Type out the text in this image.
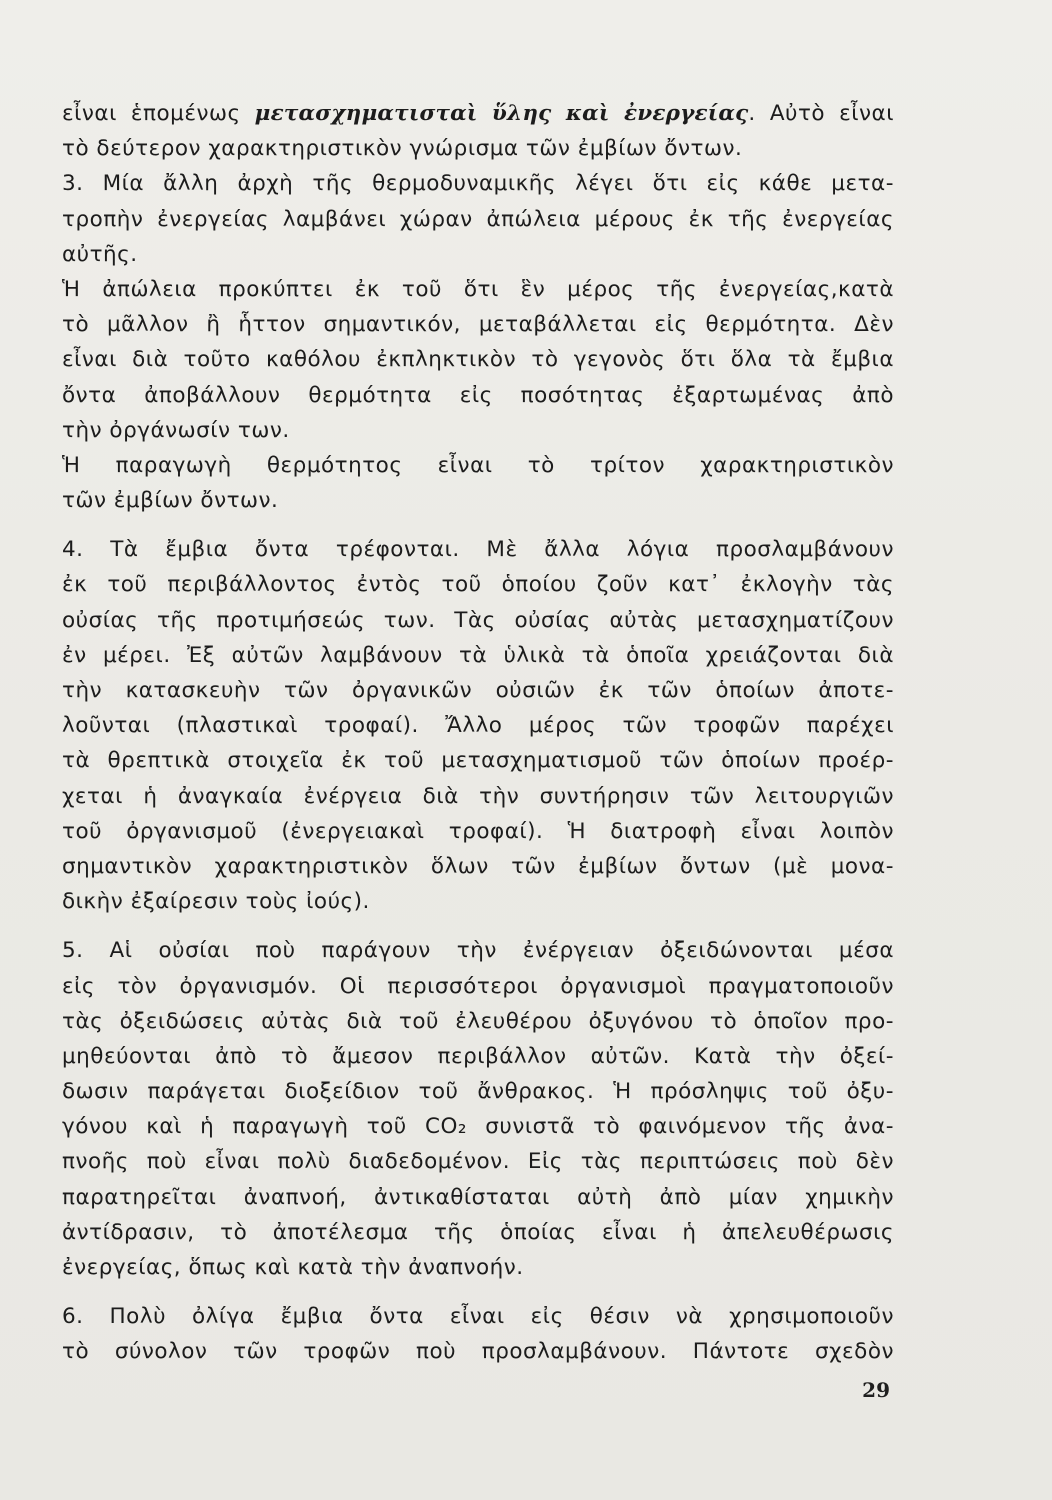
εἶναι ἑπομένως μετασχηματισταὶ ὕλης καὶ ἐνεργείας. Αὐτὸ εἶναι
τὸ δεύτερον χαρακτηριστικὸν γνώρισμα τῶν ἐμβίων ὄντων.
3. Μία ἄλλη ἀρχὴ τῆς θερμοδυναμικῆς λέγει ὅτι εἰς κάθε μετα-
τροπὴν ἐνεργείας λαμβάνει χώραν ἀπώλεια μέρους ἐκ τῆς ἐνεργείας
αὐτῆς.
Ἡ ἀπώλεια προκύπτει ἐκ τοῦ ὅτι ἓν μέρος τῆς ἐνεργείας,κατὰ
τὸ μᾶλλον ἢ ἧττον σημαντικόν, μεταβάλλεται εἰς θερμότητα. Δὲν
εἶναι διὰ τοῦτο καθόλου ἐκπληκτικὸν τὸ γεγονὸς ὅτι ὅλα τὰ ἔμβια
ὄντα ἀποβάλλουν θερμότητα εἰς ποσότητας ἐξαρτωμένας ἀπὸ
τὴν ὀργάνωσίν των.
Ἡ παραγωγὴ θερμότητος εἶναι τὸ τρίτον χαρακτηριστικὸν
τῶν ἐμβίων ὄντων.
4. Τὰ ἔμβια ὄντα τρέφονται. Μὲ ἄλλα λόγια προσλαμβάνουν
ἐκ τοῦ περιβάλλοντος ἐντὸς τοῦ ὁποίου ζοῦν κατ᾽ ἐκλογὴν τὰς
οὐσίας τῆς προτιμήσεώς των. Τὰς οὐσίας αὐτὰς μετασχηματίζουν
ἐν μέρει. Ἐξ αὐτῶν λαμβάνουν τὰ ὑλικὰ τὰ ὁποῖα χρειάζονται διὰ
τὴν κατασκευὴν τῶν ὀργανικῶν οὐσιῶν ἐκ τῶν ὁποίων ἀποτε-
λοῦνται (πλαστικαὶ τροφαί). Ἄλλο μέρος τῶν τροφῶν παρέχει
τὰ θρεπτικὰ στοιχεῖα ἐκ τοῦ μετασχηματισμοῦ τῶν ὁποίων προέρ-
χεται ἡ ἀναγκαία ἐνέργεια διὰ τὴν συντήρησιν τῶν λειτουργιῶν
τοῦ ὀργανισμοῦ (ἐνεργειακαὶ τροφαί). Ἡ διατροφὴ εἶναι λοιπὸν
σημαντικὸν χαρακτηριστικὸν ὅλων τῶν ἐμβίων ὄντων (μὲ μονα-
δικὴν ἐξαίρεσιν τοὺς ἰούς).
5. Αἱ οὐσίαι ποὺ παράγουν τὴν ἐνέργειαν ὀξειδώνονται μέσα
εἰς τὸν ὀργανισμόν. Οἱ περισσότεροι ὀργανισμοὶ πραγματοποιοῦν
τὰς ὀξειδώσεις αὐτὰς διὰ τοῦ ἐλευθέρου ὀξυγόνου τὸ ὁποῖον προ-
μηθεύονται ἀπὸ τὸ ἄμεσον περιβάλλον αὐτῶν. Κατὰ τὴν ὀξεί-
δωσιν παράγεται διοξείδιον τοῦ ἄνθρακος. Ἡ πρόσληψις τοῦ ὀξυ-
γόνου καὶ ἡ παραγωγὴ τοῦ CO₂ συνιστᾶ τὸ φαινόμενον τῆς ἀνα-
πνοῆς ποὺ εἶναι πολὺ διαδεδομένον. Εἰς τὰς περιπτώσεις ποὺ δὲν
παρατηρεῖται ἀναπνοή, ἀντικαθίσταται αὐτὴ ἀπὸ μίαν χημικὴν
ἀντίδρασιν, τὸ ἀποτέλεσμα τῆς ὁποίας εἶναι ἡ ἀπελευθέρωσις
ἐνεργείας, ὅπως καὶ κατὰ τὴν ἀναπνοήν.
6. Πολὺ ὀλίγα ἔμβια ὄντα εἶναι εἰς θέσιν νὰ χρησιμοποιοῦν
τὸ σύνολον τῶν τροφῶν ποὺ προσλαμβάνουν. Πάντοτε σχεδὸν
29
